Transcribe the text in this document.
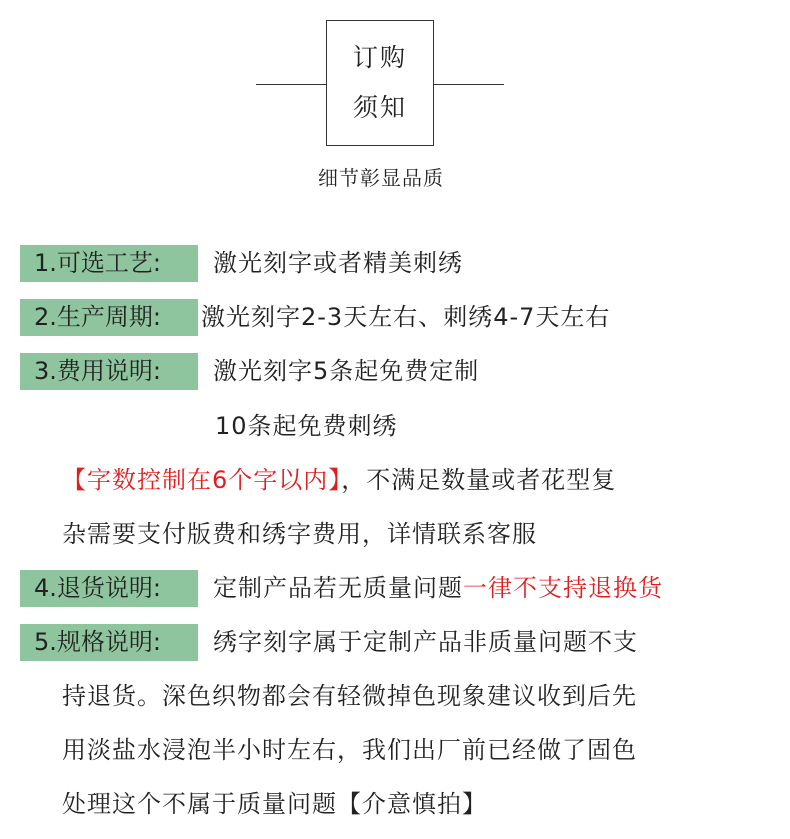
订购
须知
细节彰显品质
1.可选工艺:	激光刻字或者精美刺绣
2.生产周期:	激光刻字2-3天左右、刺绣4-7天左右
3.费用说明:	激光刻字5条起免费定制
10条起免费刺绣
【字数控制在6个字以内】，不满足数量或者花型复
杂需要支付版费和绣字费用，详情联系客服
4.退货说明:	定制产品若无质量问题一律不支持退换货
5.规格说明:	绣字刻字属于定制产品非质量问题不支
持退货。深色织物都会有轻微掉色现象建议收到后先
用淡盐水浸泡半小时左右，我们出厂前已经做了固色
处理这个不属于质量问题【介意慎拍】
